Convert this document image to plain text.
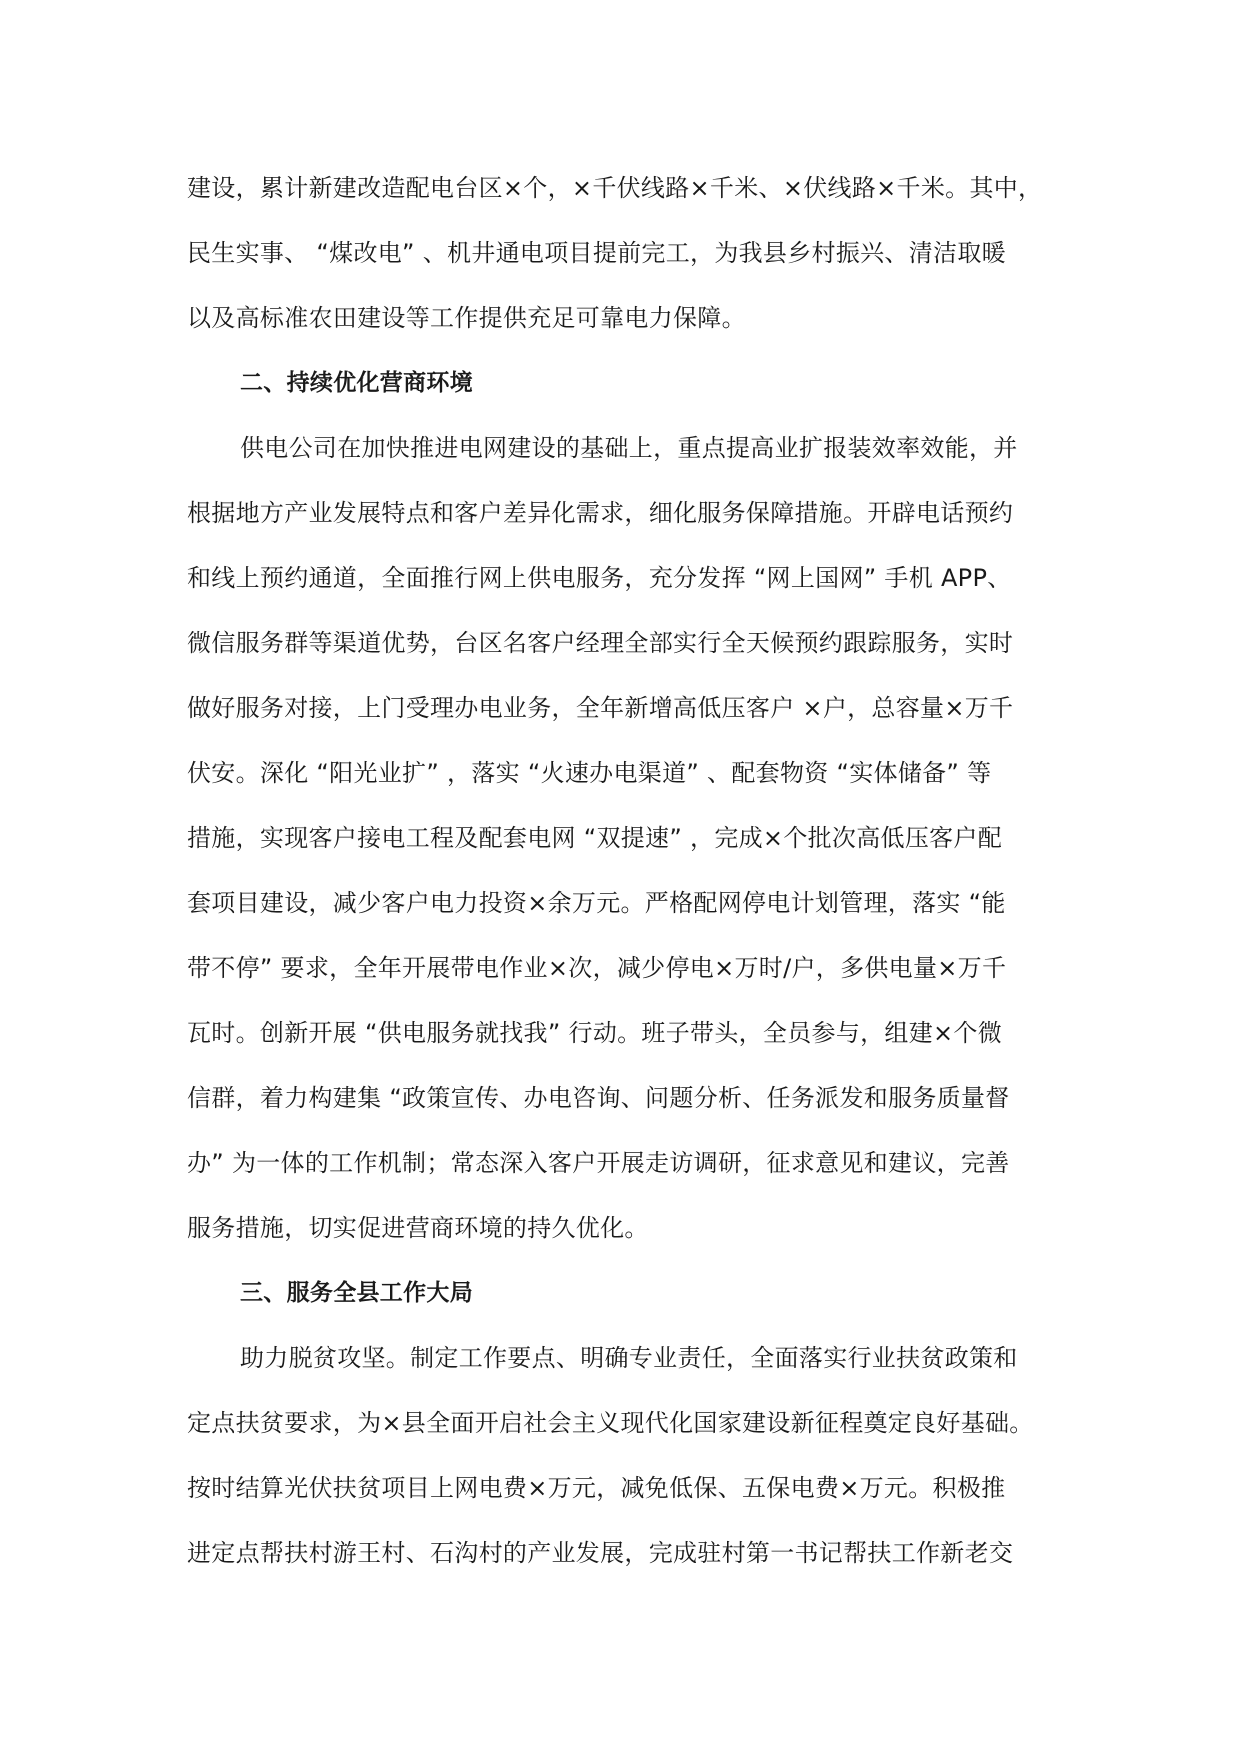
建设，累计新建改造配电台区×个，×千伏线路×千米、×伏线路×千米。其中，
民生实事、 “煤改电” 、机井通电项目提前完工，为我县乡村振兴、清洁取暖
以及高标准农田建设等工作提供充足可靠电力保障。
二、持续优化营商环境
供电公司在加快推进电网建设的基础上，重点提高业扩报装效率效能，并
根据地方产业发展特点和客户差异化需求，细化服务保障措施。开辟电话预约
和线上预约通道，全面推行网上供电服务，充分发挥 “网上国网” 手机 APP、
微信服务群等渠道优势，台区名客户经理全部实行全天候预约跟踪服务，实时
做好服务对接，上门受理办电业务，全年新增高低压客户 ×户，总容量×万千
伏安。深化 “阳光业扩” ，落实 “火速办电渠道” 、配套物资 “实体储备” 等
措施，实现客户接电工程及配套电网 “双提速” ，完成×个批次高低压客户配
套项目建设，减少客户电力投资×余万元。严格配网停电计划管理，落实 “能
带不停” 要求，全年开展带电作业×次，减少停电×万时/户，多供电量×万千
瓦时。创新开展 “供电服务就找我” 行动。班子带头，全员参与，组建×个微
信群，着力构建集 “政策宣传、办电咨询、问题分析、任务派发和服务质量督
办” 为一体的工作机制；常态深入客户开展走访调研，征求意见和建议，完善
服务措施，切实促进营商环境的持久优化。
三、服务全县工作大局
助力脱贫攻坚。制定工作要点、明确专业责任，全面落实行业扶贫政策和
定点扶贫要求，为×县全面开启社会主义现代化国家建设新征程奠定良好基础。
按时结算光伏扶贫项目上网电费×万元，减免低保、五保电费×万元。积极推
进定点帮扶村游王村、石沟村的产业发展，完成驻村第一书记帮扶工作新老交
